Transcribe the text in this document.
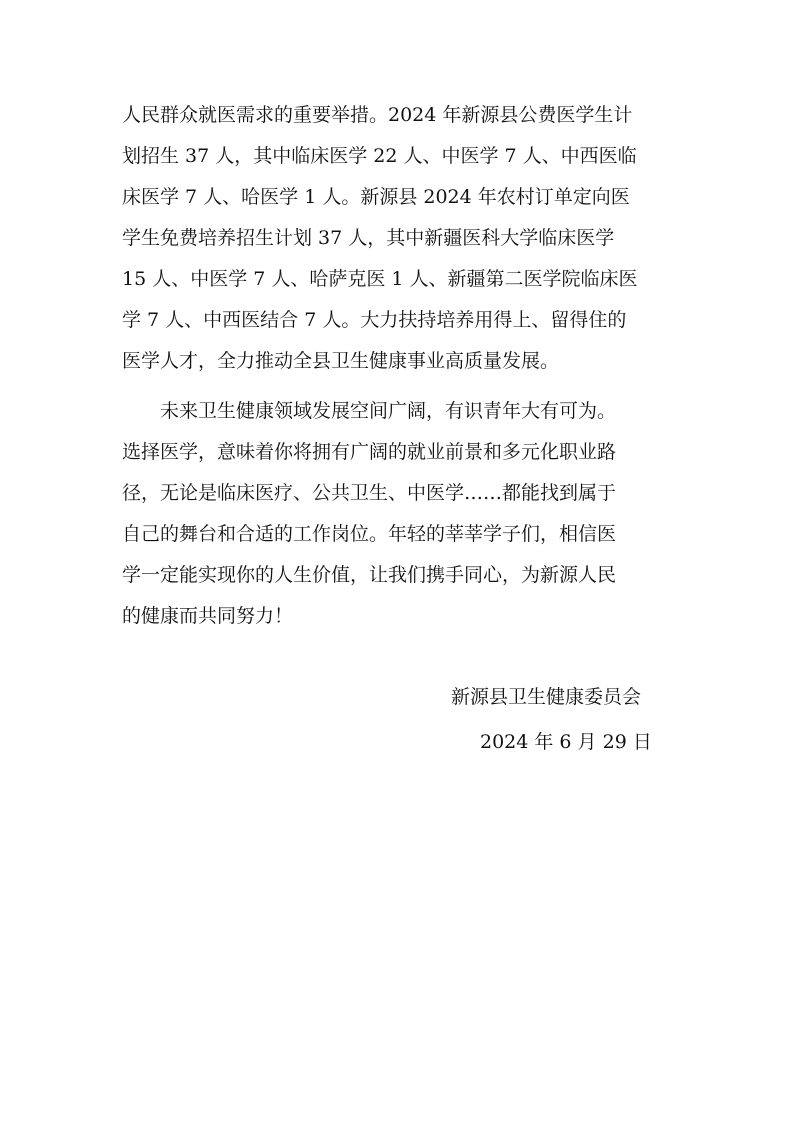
人民群众就医需求的重要举措。2024 年新源县公费医学生计
划招生 37 人，其中临床医学 22 人、中医学 7 人、中西医临
床医学 7 人、哈医学 1 人。新源县 2024 年农村订单定向医
学生免费培养招生计划 37 人，其中新疆医科大学临床医学
15 人、中医学 7 人、哈萨克医 1 人、新疆第二医学院临床医
学 7 人、中西医结合 7 人。大力扶持培养用得上、留得住的
医学人才，全力推动全县卫生健康事业高质量发展。
　　未来卫生健康领域发展空间广阔，有识青年大有可为。
选择医学，意味着你将拥有广阔的就业前景和多元化职业路
径，无论是临床医疗、公共卫生、中医学……都能找到属于
自己的舞台和合适的工作岗位。年轻的莘莘学子们，相信医
学一定能实现你的人生价值，让我们携手同心，为新源人民
的健康而共同努力！
新源县卫生健康委员会
2024 年 6 月 29 日
